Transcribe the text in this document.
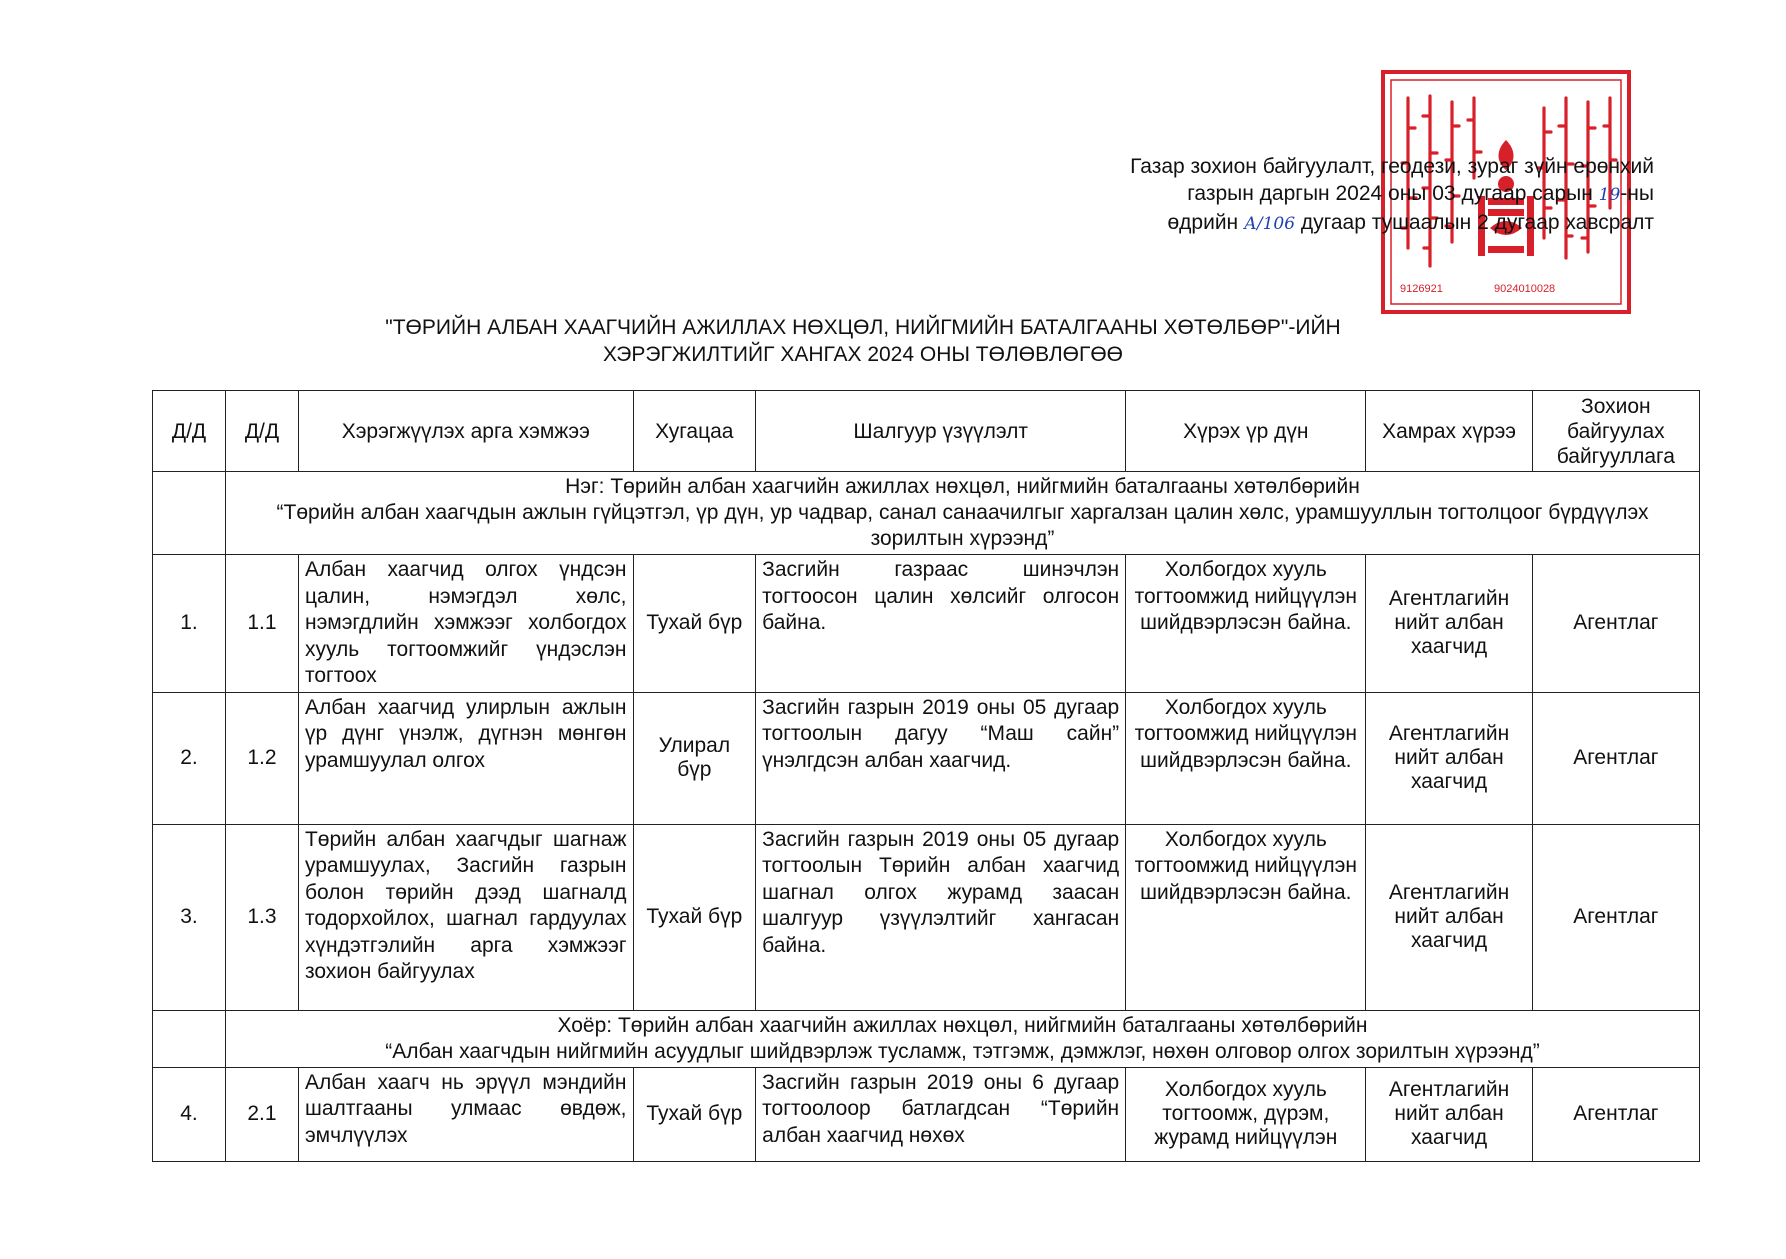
9126921	9024010028
Газар зохион байгуулалт, геодези, зураг зүйн ерөнхий
газрын даргын 2024 оны 03 дугаар сарын 19-ны
өдрийн А/106 дугаар тушаалын 2 дугаар хавсралт
"ТӨРИЙН АЛБАН ХААГЧИЙН АЖИЛЛАХ НӨХЦӨЛ, НИЙГМИЙН БАТАЛГААНЫ ХӨТӨЛБӨР"-ИЙН
ХЭРЭГЖИЛТИЙГ ХАНГАХ 2024 ОНЫ ТӨЛӨВЛӨГӨӨ
Д/Д	Д/Д	Хэрэгжүүлэх арга хэмжээ	Хугацаа	Шалгуур үзүүлэлт	Хүрэх үр дүн	Хамрах хүрээ	Зохион байгуулах байгууллага

	Нэг: Төрийн албан хаагчийн ажиллах нөхцөл, нийгмийн баталгааны хөтөлбөрийн
“Төрийн албан хаагчдын ажлын гүйцэтгэл, үр дүн, ур чадвар, санал санаачилгыг харгалзан цалин хөлс, урамшууллын тогтолцоог бүрдүүлэх зорилтын хүрээнд”						

1.	1.1	Албан хаагчид олгох үндсэн цалин, нэмэгдэл хөлс, нэмэгдлийн хэмжээг холбогдох хууль тогтоомжийг үндэслэн тогтоох	Тухай бүр	Засгийн газраас шинэчлэн тогтоосон цалин хөлсийг олгосон байна.	Холбогдох хууль тогтоомжид нийцүүлэн шийдвэрлэсэн байна.	Агентлагийн нийт албан хаагчид	Агентлаг
2.	1.2	Албан хаагчид улирлын ажлын үр дүнг үнэлж, дүгнэн мөнгөн урамшуулал олгох	Улирал бүр	Засгийн газрын 2019 оны 05 дугаар тогтоолын дагуу “Маш сайн” үнэлгдсэн албан хаагчид.	Холбогдох хууль тогтоомжид нийцүүлэн шийдвэрлэсэн байна.	Агентлагийн нийт албан хаагчид	Агентлаг
3.	1.3	Төрийн албан хаагчдыг шагнаж урамшуулах, Засгийн газрын болон төрийн дээд шагналд тодорхойлох, шагнал гардуулах хүндэтгэлийн арга хэмжээг зохион байгуулах	Тухай бүр	Засгийн газрын 2019 оны 05 дугаар тогтоолын Төрийн албан хаагчид шагнал олгох журамд заасан шалгуур үзүүлэлтийг хангасан байна.	Холбогдох хууль тогтоомжид нийцүүлэн шийдвэрлэсэн байна.	Агентлагийн нийт албан хаагчид	Агентлаг

	Хоёр: Төрийн албан хаагчийн ажиллах нөхцөл, нийгмийн баталгааны хөтөлбөрийн
“Албан хаагчдын нийгмийн асуудлыг шийдвэрлэж тусламж, тэтгэмж, дэмжлэг, нөхөн олговор олгох зорилтын хүрээнд”						

4.	2.1	Албан хаагч нь эрүүл мэндийн шалтгааны улмаас өвдөж, эмчлүүлэх	Тухай бүр	Засгийн газрын 2019 оны 6 дугаар тогтоолоор батлагдсан “Төрийн албан хаагчид нөхөх	Холбогдох хууль тогтоомж, дүрэм, журамд нийцүүлэн	Агентлагийн нийт албан хаагчид	Агентлаг
